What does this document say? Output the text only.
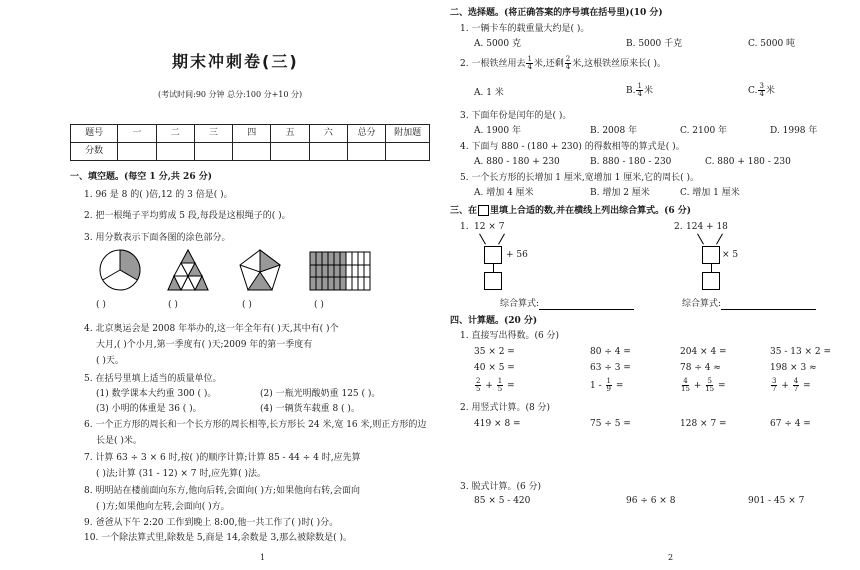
期末冲刺卷(三)
(考试时间:90 分钟 总分:100 分+10 分)
题号	一	二	三	四	五	六	总分	附加题
分数								
一、填空题。(每空 1 分,共 26 分)
1. 96 是 8 的( )倍,12 的 3 倍是( )。
2. 把一根绳子平均剪成 5 段,每段是这根绳子的( )。
3. 用分数表示下面各图的涂色部分。
( )	( )	( )	( )
4. 北京奥运会是 2008 年举办的,这一年全年有( )天,其中有( )个
大月,( )个小月,第一季度有( )天;2009 年的第一季度有
( )天。
5. 在括号里填上适当的质量单位。
(1) 数学课本大约重 300 ( )。	(2) 一瓶光明酸奶重 125 ( )。
(3) 小明的体重是 36 ( )。	(4) 一辆货车载重 8 ( )。
6. 一个正方形的周长和一个长方形的周长相等,长方形长 24 米,宽 16 米,则正方形的边
长是( )米。
7. 计算 63 ÷ 3 × 6 时,按( )的顺序计算;计算 85 - 44 ÷ 4 时,应先算
( )法;计算 (31 - 12) × 7 时,应先算( )法。
8. 明明站在楼前面向东方,他向后转,会面向( )方;如果他向右转,会面向
( )方;如果他向左转,会面向( )方。
9. 爸爸从下午 2:20 工作到晚上 8:00,他一共工作了( )时( )分。
10. 一个除法算式里,除数是 5,商是 14,余数是 3,那么被除数是( )。
1
二、选择题。(将正确答案的序号填在括号里)(10 分)
1. 一辆卡车的载重量大约是( )。
A. 5000 克	B. 5000 千克	C. 5000 吨
2. 一根铁丝用去 $\frac{1}{4}$ 米,还剩 $\frac{2}{4}$ 米,这根铁丝原来长( )。
A. 1 米	B. $\frac{1}{4}$ 米	C. $\frac{3}{4}$ 米
3. 下面年份是闰年的是( )。
A. 1900 年	B. 2008 年	C. 2100 年	D. 1998 年
4. 下面与 880 - (180 + 230) 的得数相等的算式是( )。
A. 880 - 180 + 230	B. 880 - 180 - 230	C. 880 + 180 - 230
5. 一个长方形的长增加 1 厘米,宽增加 1 厘米,它的周长( )。
A. 增加 4 厘米	B. 增加 2 厘米	C. 增加 1 厘米
三、在 里填上合适的数,并在横线上列出综合算式。(6 分)
1. 12 × 7
+ 56
综合算式:
2. 124 + 18
× 5
综合算式:
四、计算题。(20 分)
1. 直接写出得数。(6 分)
35 × 2 =	80 ÷ 4 =	204 × 4 =	35 - 13 × 2 =
40 × 5 =	63 ÷ 3 =	78 ÷ 4 ≈	198 × 3 ≈
$\frac{2}{5} + \frac{1}{5}$ =	$1 - \frac{1}{9}$ =	$\frac{4}{15} + \frac{5}{15}$ =	$\frac{3}{7} + \frac{4}{7}$ =
2. 用竖式计算。(8 分)
419 × 8 =	75 ÷ 5 =	128 × 7 =	67 ÷ 4 =
3. 脱式计算。(6 分)
85 × 5 - 420	96 ÷ 6 × 8	901 - 45 × 7
2
